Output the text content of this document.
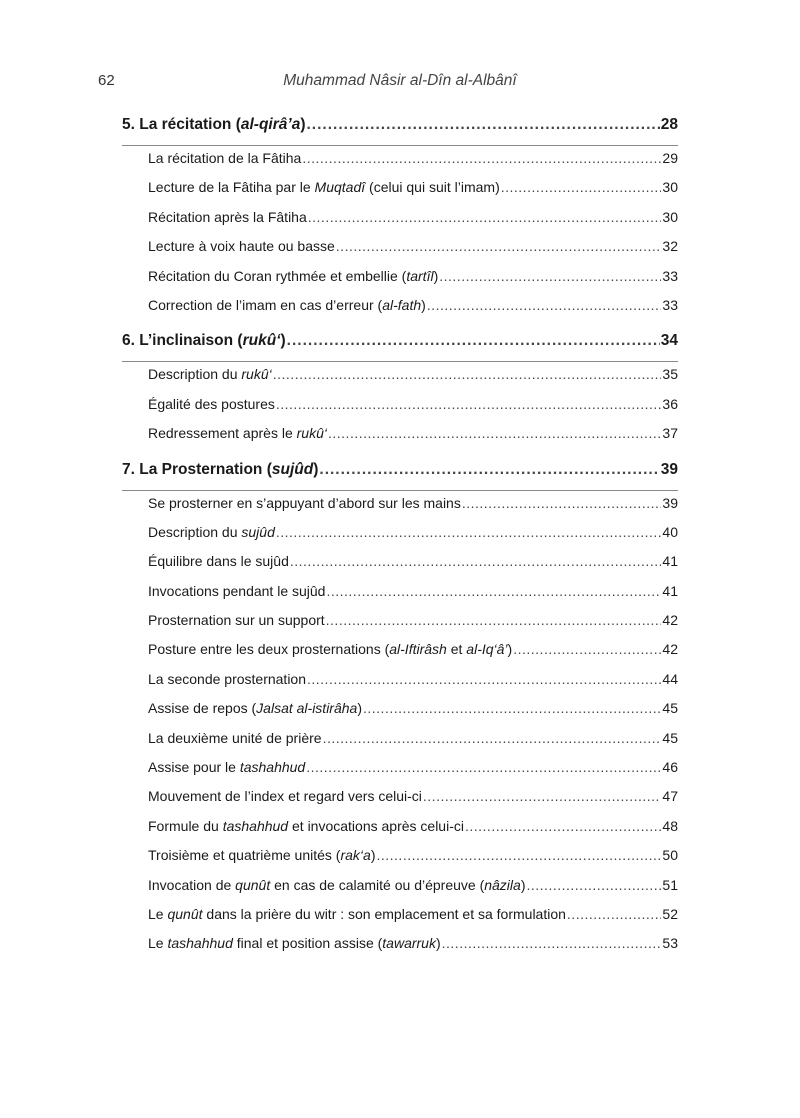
62	Muhammad Nâsir al-Dîn al-Albânî
5. La récitation (al-qirâ’a) .....	28
La récitation de la Fâtiha .....	29
Lecture de la Fâtiha par le Muqtadî (celui qui suit l’imam) .....	30
Récitation après la Fâtiha .....	30
Lecture à voix haute ou basse .....	32
Récitation du Coran rythmée et embellie (tartîl) .....	33
Correction de l’imam en cas d’erreur (al-fath) .....	33
6. L’inclinaison (rukû‘) .....	34
Description du rukû‘ .....	35
Égalité des postures .....	36
Redressement après le rukû‘ .....	37
7. La Prosternation (sujûd) .....	39
Se prosterner en s’appuyant d’abord sur les mains .....	39
Description du sujûd .....	40
Équilibre dans le sujûd .....	41
Invocations pendant le sujûd .....	41
Prosternation sur un support .....	42
Posture entre les deux prosternations (al-Iftirâsh et al-Iq‘â’) .....	42
La seconde prosternation .....	44
Assise de repos (Jalsat al-istirâha) .....	45
La deuxième unité de prière .....	45
Assise pour le tashahhud .....	46
Mouvement de l’index et regard vers celui-ci .....	47
Formule du tashahhud et invocations après celui-ci .....	48
Troisième et quatrième unités (rak‘a) .....	50
Invocation de qunût en cas de calamité ou d’épreuve (nâzila) .....	51
Le qunût dans la prière du witr : son emplacement et sa formulation .....	52
Le tashahhud final et position assise (tawarruk) .....	53
